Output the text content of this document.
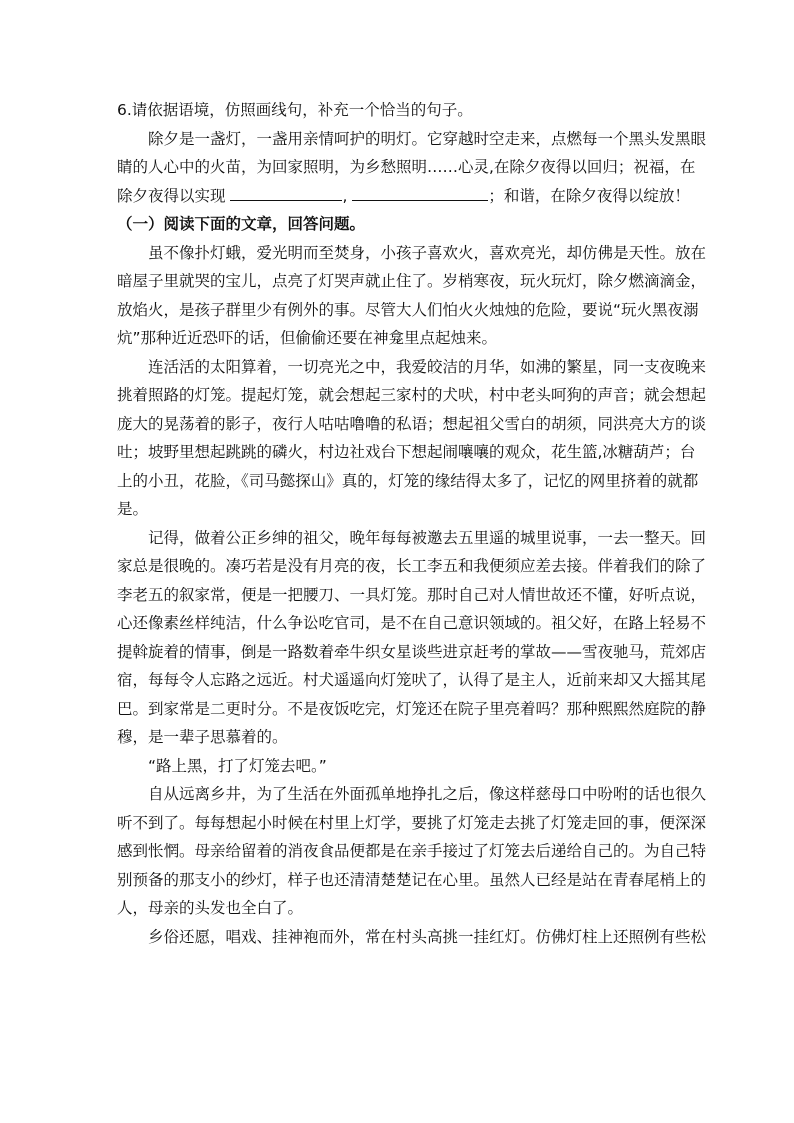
6.请依据语境，仿照画线句，补充一个恰当的句子。

除夕是一盏灯，一盏用亲情呵护的明灯。它穿越时空走来，点燃每一个黑头发黑眼

睛的人心中的火苗，为回家照明，为乡愁照明……心灵,在除夕夜得以回归；祝福，在

除夕夜得以实现	,	；和谐，在除夕夜得以绽放！

（一）阅读下面的文章，回答问题。

虽不像扑灯蛾，爱光明而至焚身，小孩子喜欢火，喜欢亮光，却仿佛是天性。放在

暗屋子里就哭的宝儿，点亮了灯哭声就止住了。岁梢寒夜，玩火玩灯，除夕燃滴滴金，

放焰火，是孩子群里少有例外的事。尽管大人们怕火火烛烛的危险，要说“玩火黑夜溺

炕”那种近近恐吓的话，但偷偷还要在神龛里点起烛来。

连活活的太阳算着，一切亮光之中，我爱皎洁的月华，如沸的繁星，同一支夜晚来

挑着照路的灯笼。提起灯笼，就会想起三家村的犬吠，村中老头呵狗的声音；就会想起

庞大的晃荡着的影子，夜行人咕咕噜噜的私语；想起祖父雪白的胡须，同洪亮大方的谈

吐；坡野里想起跳跳的磷火，村边社戏台下想起闹嚷嚷的观众，花生篮,冰糖葫芦；台

上的小丑，花脸，《司马懿探山》真的，灯笼的缘结得太多了，记忆的网里挤着的就都

是。

记得，做着公正乡绅的祖父，晚年每每被邀去五里遥的城里说事，一去一整天。回

家总是很晚的。凑巧若是没有月亮的夜，长工李五和我便须应差去接。伴着我们的除了

李老五的叙家常，便是一把腰刀、一具灯笼。那时自己对人情世故还不懂，好听点说，

心还像素丝样纯洁，什么争讼吃官司，是不在自己意识领域的。祖父好，在路上轻易不

提斡旋着的情事，倒是一路数着牵牛织女星谈些进京赶考的掌故——雪夜驰马，荒郊店

宿，每每令人忘路之远近。村犬遥遥向灯笼吠了，认得了是主人，近前来却又大摇其尾

巴。到家常是二更时分。不是夜饭吃完，灯笼还在院子里亮着吗？那种熙熙然庭院的静

穆，是一辈子思慕着的。

“路上黑，打了灯笼去吧。”

自从远离乡井，为了生活在外面孤单地挣扎之后，像这样慈母口中吩咐的话也很久

听不到了。每每想起小时候在村里上灯学，要挑了灯笼走去挑了灯笼走回的事，便深深

感到怅惘。母亲给留着的消夜食品便都是在亲手接过了灯笼去后递给自己的。为自己特

别预备的那支小的纱灯，样子也还清清楚楚记在心里。虽然人已经是站在青春尾梢上的

人，母亲的头发也全白了。

乡俗还愿，唱戏、挂神袍而外，常在村头高挑一挂红灯。仿佛灯柱上还照例有些松
